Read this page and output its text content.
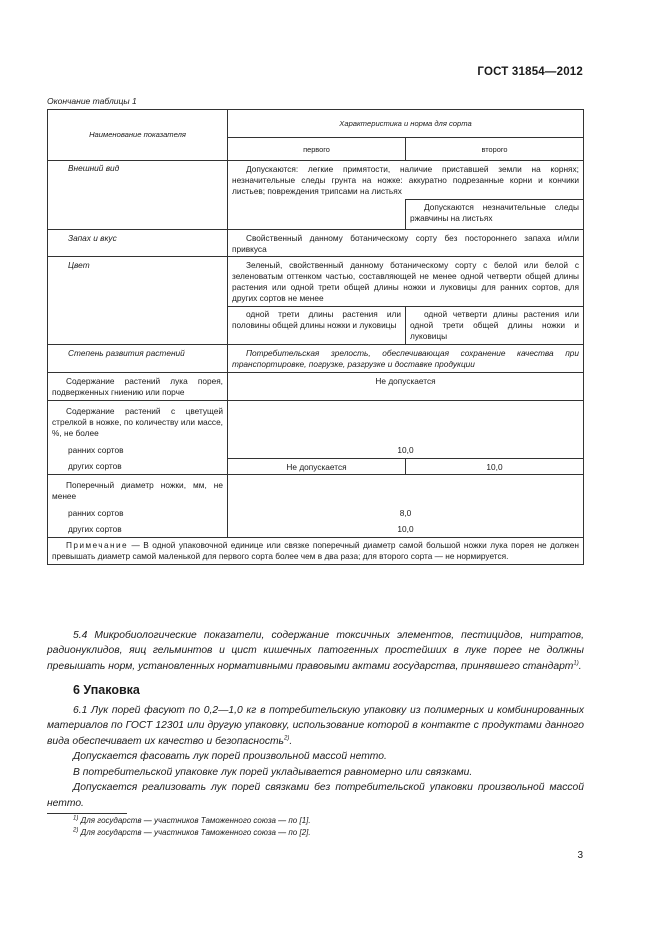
ГОСТ 31854—2012
Окончание таблицы 1
Наименование показателя	Характеристика и норма для сорта	
	первого	второго
Внешний вид	Допускаются: легкие примятости, наличие приставшей земли на корнях; незначительные следы грунта на ножке: аккуратно подрезанные корни и кончики листьев; повреждения трипсами на листьях	
		Допускаются незначительные следы ржавчины на листьях
Запах и вкус	Свойственный данному ботаническому сорту без постороннего запаха и/или привкуса	
Цвет	Зеленый, свойственный данному ботаническому сорту с белой или белой с зеленоватым оттенком частью, составляющей не менее одной четверти общей длины растения или одной трети общей длины ножки и луковицы для ранних сортов, для других сортов не менее	
	одной трети длины растения или половины общей длины ножки и луковицы	одной четверти длины растения или одной трети общей длины ножки и луковицы
Степень развития растений	Потребительская зрелость, обеспечивающая сохранение качества при транспортировке, погрузке, разгрузке и доставке продукции	
Содержание растений лука порея, подверженных гниению или порче	Не допускается	
Содержание растений с цветущей стрелкой в ножке, по количеству или массе, %, не более		
ранних сортов	10,0	
других сортов	Не допускается	10,0
Поперечный диаметр ножки, мм, не менее		
ранних сортов	8,0	
других сортов	10,0	
Примечание — В одной упаковочной единице или связке поперечный диаметр самой большой ножки лука порея не должен превышать диаметр самой маленькой для первого сорта более чем в два раза; для второго сорта — не нормируется.		

5.4 Микробиологические показатели, содержание токсичных элементов, пестицидов, нитратов, радионуклидов, яиц гельминтов и цист кишечных патогенных простейших в луке порее не должны превышать норм, установленных нормативными правовыми актами государства, принявшего стандарт$^{1)}$.

6 Упаковка

6.1 Лук порей фасуют по 0,2—1,0 кг в потребительскую упаковку из полимерных и комбинированных материалов по ГОСТ 12301 или другую упаковку, использование которой в контакте с продуктами данного вида обеспечивает их качество и безопасность$^{2)}$.

Допускается фасовать лук порей произвольной массой нетто.

В потребительской упаковке лук порей укладывается равномерно или связками.

Допускается реализовать лук порей связками без потребительской упаковки произвольной массой нетто.

$^{1)}$ Для государств — участников Таможенного союза — по [1].
$^{2)}$ Для государств — участников Таможенного союза — по [2].
3
